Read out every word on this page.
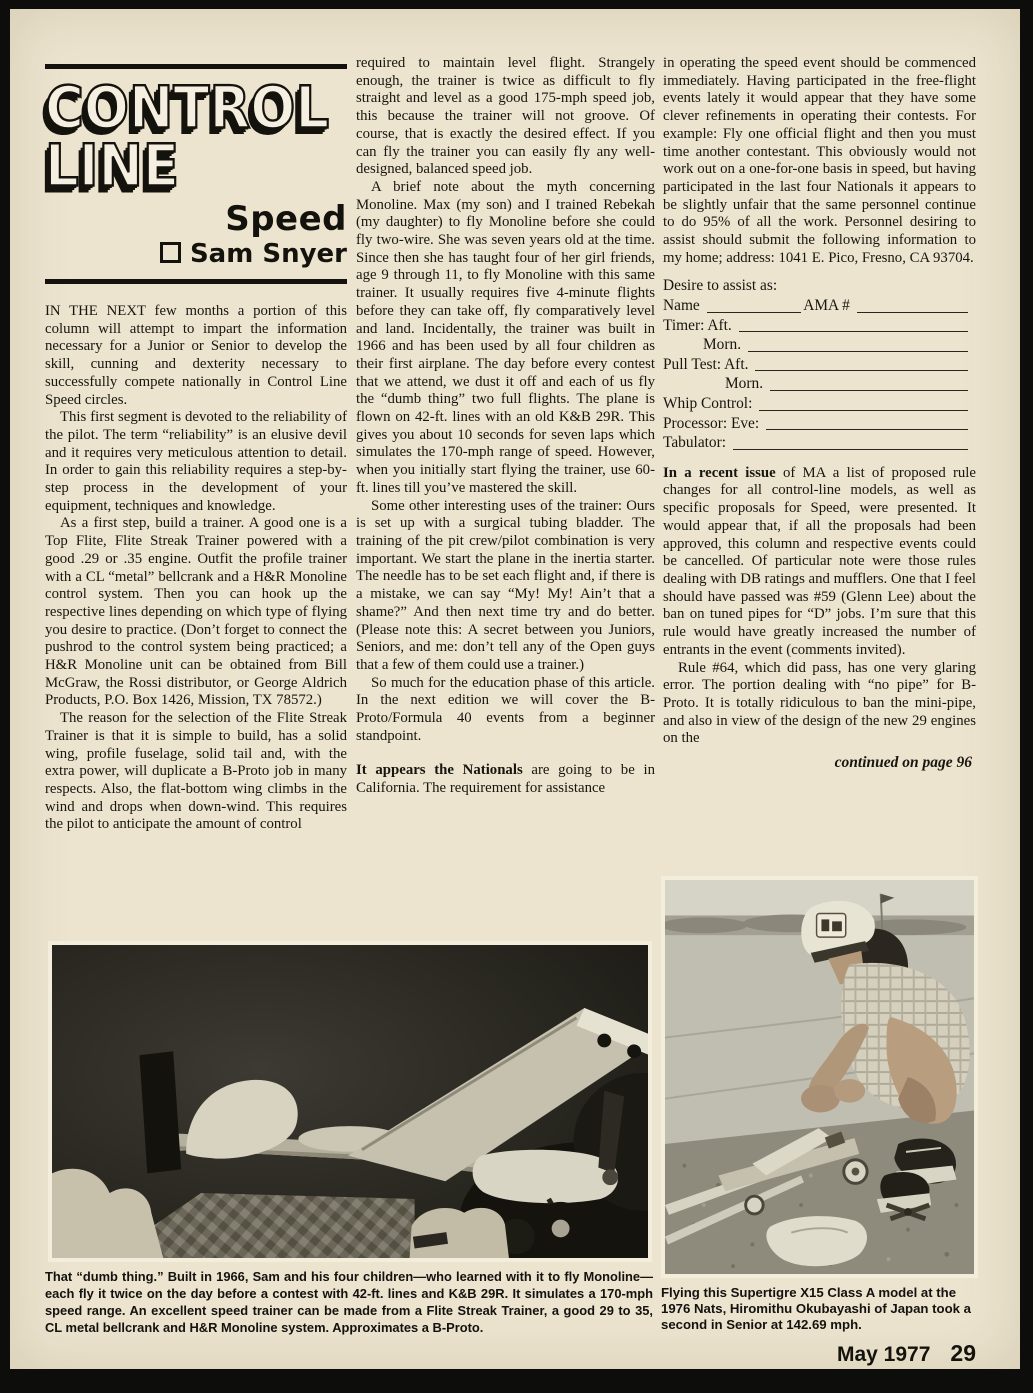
CONTROL
LINE
Speed
Sam Snyer

IN THE NEXT few months a portion of this column will attempt to impart the information necessary for a Junior or Senior to develop the skill, cunning and dexterity necessary to successfully compete nationally in Control Line Speed circles.

This first segment is devoted to the reliability of the pilot. The term “reliability” is an elusive devil and it requires very meticulous attention to detail. In order to gain this reliability requires a step-by-step process in the development of your equipment, techniques and knowledge.

As a first step, build a trainer. A good one is a Top Flite, Flite Streak Trainer powered with a good .29 or .35 engine. Outfit the profile trainer with a CL “metal” bellcrank and a H&R Monoline control system. Then you can hook up the respective lines depending on which type of flying you desire to practice. (Don’t forget to connect the pushrod to the control system being practiced; a H&R Monoline unit can be obtained from Bill McGraw, the Rossi distributor, or George Aldrich Products, P.O. Box 1426, Mission, TX 78572.)

The reason for the selection of the Flite Streak Trainer is that it is simple to build, has a solid wing, profile fuselage, solid tail and, with the extra power, will duplicate a B-Proto job in many respects. Also, the flat-bottom wing climbs in the wind and drops when down-wind. This requires the pilot to anticipate the amount of control

required to maintain level flight. Strangely enough, the trainer is twice as difficult to fly straight and level as a good 175-mph speed job, this because the trainer will not groove. Of course, that is exactly the desired effect. If you can fly the trainer you can easily fly any well-designed, balanced speed job.

A brief note about the myth concerning Monoline. Max (my son) and I trained Rebekah (my daughter) to fly Monoline before she could fly two-wire. She was seven years old at the time. Since then she has taught four of her girl friends, age 9 through 11, to fly Monoline with this same trainer. It usually requires five 4-minute flights before they can take off, fly comparatively level and land. Incidentally, the trainer was built in 1966 and has been used by all four children as their first airplane. The day before every contest that we attend, we dust it off and each of us fly the “dumb thing” two full flights. The plane is flown on 42-ft. lines with an old K&B 29R. This gives you about 10 seconds for seven laps which simulates the 170-mph range of speed. However, when you initially start flying the trainer, use 60-ft. lines till you’ve mastered the skill.

Some other interesting uses of the trainer: Ours is set up with a surgical tubing bladder. The training of the pit crew/pilot combination is very important. We start the plane in the inertia starter. The needle has to be set each flight and, if there is a mistake, we can say “My! My! Ain’t that a shame?” And then next time try and do better. (Please note this: A secret between you Juniors, Seniors, and me: don’t tell any of the Open guys that a few of them could use a trainer.)

So much for the education phase of this article. In the next edition we will cover the B-Proto/Formula 40 events from a beginner standpoint.

It appears the Nationals are going to be in California. The requirement for assistance

in operating the speed event should be commenced immediately. Having participated in the free-flight events lately it would appear that they have some clever refinements in operating their contests. For example: Fly one official flight and then you must time another contestant. This obviously would not work out on a one-for-one basis in speed, but having participated in the last four Nationals it appears to be slightly unfair that the same personnel continue to do 95% of all the work. Personnel desiring to assist should submit the following information to my home; address: 1041 E. Pico, Fresno, CA 93704.

Desire to assist as:
Name	AMA #
Timer: Aft.
Morn.
Pull Test: Aft.
Morn.
Whip Control:
Processor: Eve:
Tabulator:

In a recent issue of MA a list of proposed rule changes for all control-line models, as well as specific proposals for Speed, were presented. It would appear that, if all the proposals had been approved, this column and respective events could be cancelled. Of particular note were those rules dealing with DB ratings and mufflers. One that I feel should have passed was #59 (Glenn Lee) about the ban on tuned pipes for “D” jobs. I’m sure that this rule would have greatly increased the number of entrants in the event (comments invited).

Rule #64, which did pass, has one very glaring error. The portion dealing with “no pipe” for B-Proto. It is totally ridiculous to ban the mini-pipe, and also in view of the design of the new 29 engines on the

continued on page 96
That “dumb thing.” Built in 1966, Sam and his four children—who learned with it to fly Monoline—each fly it twice on the day before a contest with 42-ft. lines and K&B 29R. It simulates a 170-mph speed range. An excellent speed trainer can be made from a Flite Streak Trainer, a good 29 to 35, CL metal bellcrank and H&R Monoline system. Approximates a B-Proto.
Flying this Supertigre X15 Class A model at the 1976 Nats, Hiromithu Okubayashi of Japan took a second in Senior at 142.69 mph.
May 1977 29
